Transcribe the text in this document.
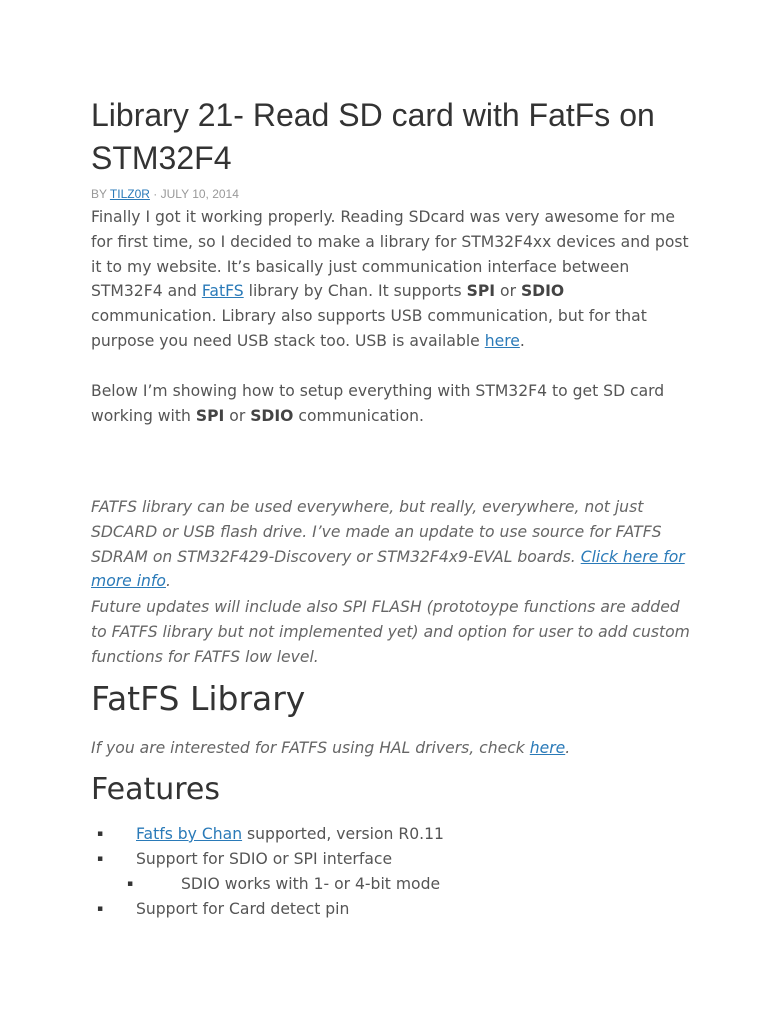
Library 21- Read SD card with FatFs on STM32F4

BY TILZ0R · JULY 10, 2014

Finally I got it working properly. Reading SDcard was very awesome for me for first time, so I decided to make a library for STM32F4xx devices and post it to my website. It’s basically just communication interface between STM32F4 and FatFS library by Chan. It supports SPI or SDIO communication. Library also supports USB communication, but for that purpose you need USB stack too. USB is available here.

Below I’m showing how to setup everything with STM32F4 to get SD card working with SPI or SDIO communication.

FATFS library can be used everywhere, but really, everywhere, not just SDCARD or USB flash drive. I’ve made an update to use source for FATFS SDRAM on STM32F429-Discovery or STM32F4x9-EVAL boards. Click here for more info.

Future updates will include also SPI FLASH (prototoype functions are added to FATFS library but not implemented yet) and option for user to add custom functions for FATFS low level.

FatFS Library

If you are interested for FATFS using HAL drivers, check here.

Features
▪ Fatfs by Chan supported, version R0.11
▪ Support for SDIO or SPI interface
▪	SDIO works with 1- or 4-bit mode
▪ Support for Card detect pin
